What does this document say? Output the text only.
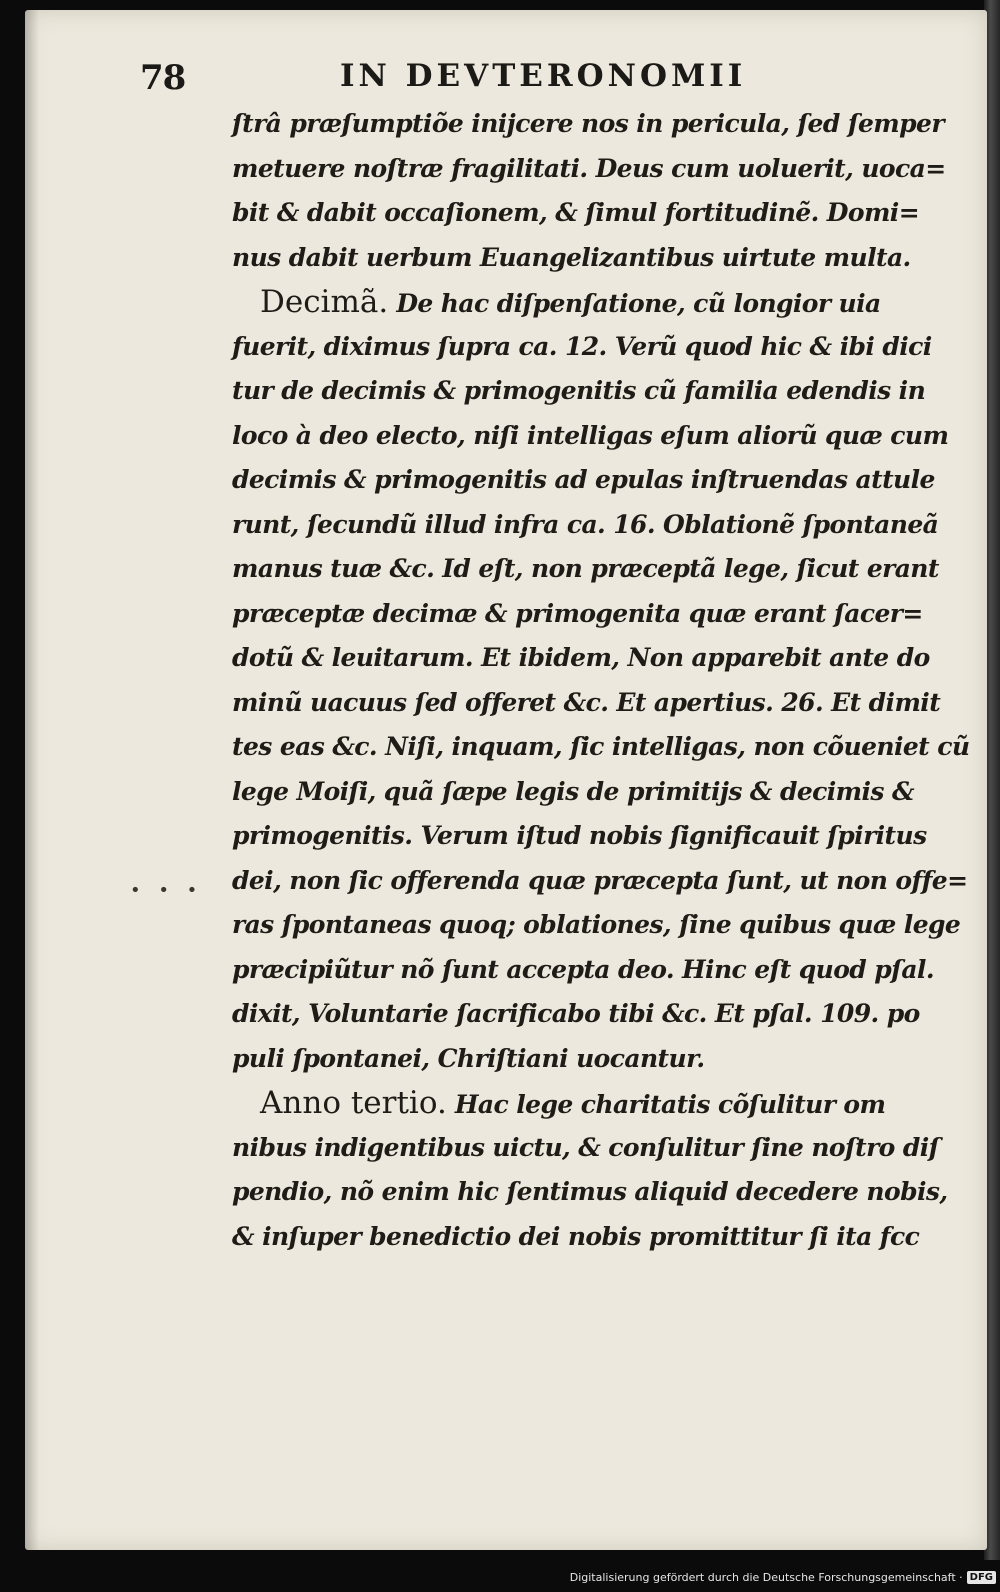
78	IN DEVTERONOMII
• • •
ſtrâ præſumptiõe inijcere nos in pericula, ſed ſemper
metuere noſtræ fragilitati. Deus cum uoluerit, uoca=
bit & dabit occaſionem, & ſimul fortitudinẽ. Domi=
nus dabit uerbum Euangelizantibus uirtute multa.
Decimã. De hac diſpenſatione, cũ longior uia
fuerit, diximus ſupra ca. 12. Verũ quod hic & ibi dici
tur de decimis & primogenitis cũ familia edendis in
loco à deo electo, niſi intelligas eſum aliorũ quæ cum
decimis & primogenitis ad epulas inſtruendas attule
runt, ſecundũ illud infra ca. 16. Oblationẽ ſpontaneã
manus tuæ &c. Id eſt, non præceptã lege, ſicut erant
præceptæ decimæ & primogenita quæ erant ſacer=
dotũ & leuitarum. Et ibidem, Non apparebit ante do
minũ uacuus ſed offeret &c. Et apertius. 26. Et dimit
tes eas &c. Niſi, inquam, ſic intelligas, non cõueniet cũ
lege Moiſi, quã ſæpe legis de primitijs & decimis &
primogenitis. Verum iſtud nobis ſignificauit ſpiritus
dei, non ſic offerenda quæ præcepta ſunt, ut non offe=
ras ſpontaneas quoq; oblationes, ſine quibus quæ lege
præcipiũtur nõ ſunt accepta deo. Hinc eſt quod pſal.
dixit, Voluntarie ſacrificabo tibi &c. Et pſal. 109. po
puli ſpontanei, Chriſtiani uocantur.
Anno tertio. Hac lege charitatis cõſulitur om
nibus indigentibus uictu, & conſulitur ſine noſtro diſ
pendio, nõ enim hic ſentimus aliquid decedere nobis,
& inſuper benedictio dei nobis promittitur ſi ita fcc
Digitalisierung gefördert durch die Deutsche Forschungsgemeinschaft · DFG
